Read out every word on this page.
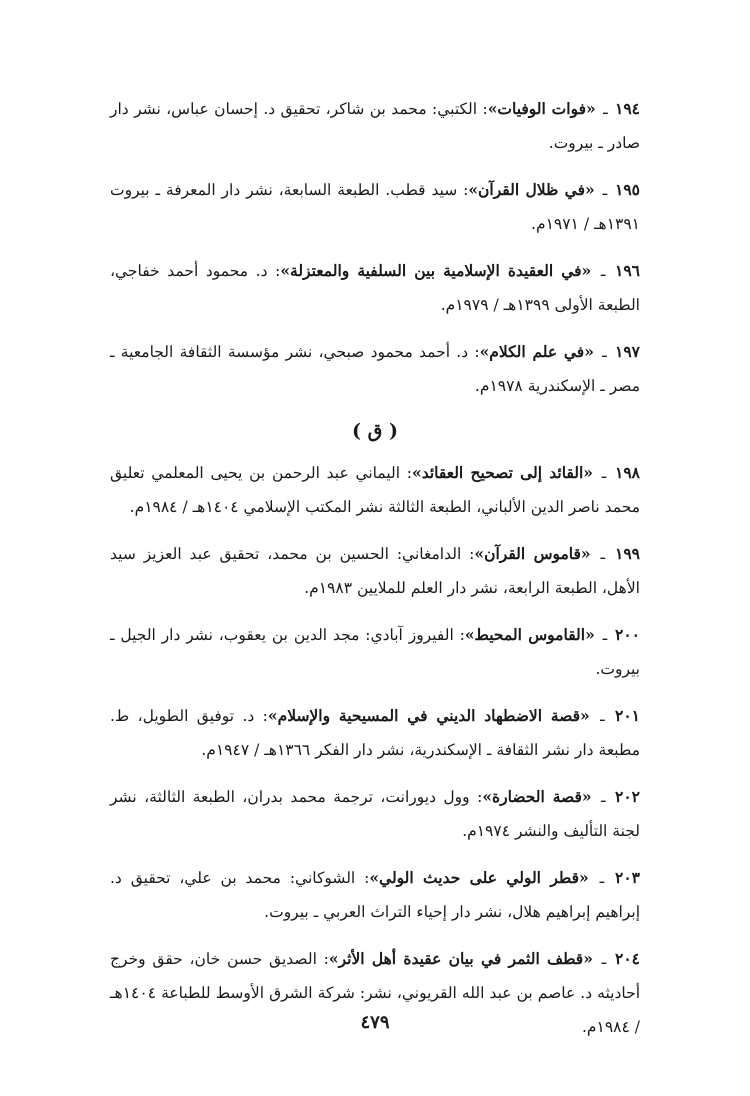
١٩٤ ـ «فوات الوفيات»: الكتبي: محمد بن شاكر، تحقيق د. إحسان عباس، نشر دار صادر ـ بيروت.
١٩٥ ـ «في ظلال القرآن»: سيد قطب. الطبعة السابعة، نشر دار المعرفة ـ بيروت ١٣٩١هـ / ١٩٧١م.
١٩٦ ـ «في العقيدة الإسلامية بين السلفية والمعتزلة»: د. محمود أحمد خفاجي، الطبعة الأولى ١٣٩٩هـ / ١٩٧٩م.
١٩٧ ـ «في علم الكلام»: د. أحمد محمود صبحي، نشر مؤسسة الثقافة الجامعية ـ مصر ـ الإسكندرية ١٩٧٨م.
( ق )
١٩٨ ـ «القائد إلى تصحيح العقائد»: اليماني عبد الرحمن بن يحيى المعلمي تعليق محمد ناصر الدين الألباني، الطبعة الثالثة نشر المكتب الإسلامي ١٤٠٤هـ / ١٩٨٤م.
١٩٩ ـ «قاموس القرآن»: الدامغاني: الحسين بن محمد، تحقيق عبد العزيز سيد الأهل، الطبعة الرابعة، نشر دار العلم للملايين ١٩٨٣م.
٢٠٠ ـ «القاموس المحيط»: الفيروز آبادي: مجد الدين بن يعقوب، نشر دار الجيل ـ بيروت.
٢٠١ ـ «قصة الاضطهاد الديني في المسيحية والإسلام»: د. توفيق الطويل، ط. مطبعة دار نشر الثقافة ـ الإسكندرية، نشر دار الفكر ١٣٦٦هـ / ١٩٤٧م.
٢٠٢ ـ «قصة الحضارة»: وول ديورانت، ترجمة محمد بدران، الطبعة الثالثة، نشر لجنة التأليف والنشر ١٩٧٤م.
٢٠٣ ـ «قطر الولي على حديث الولي»: الشوكاني: محمد بن علي، تحقيق د. إبراهيم إبراهيم هلال، نشر دار إحياء التراث العربي ـ بيروت.
٢٠٤ ـ «قطف الثمر في بيان عقيدة أهل الأثر»: الصديق حسن خان، حقق وخرج أحاديثه د. عاصم بن عبد الله القريوني، نشر: شركة الشرق الأوسط للطباعة ١٤٠٤هـ / ١٩٨٤م.
٤٧٩
